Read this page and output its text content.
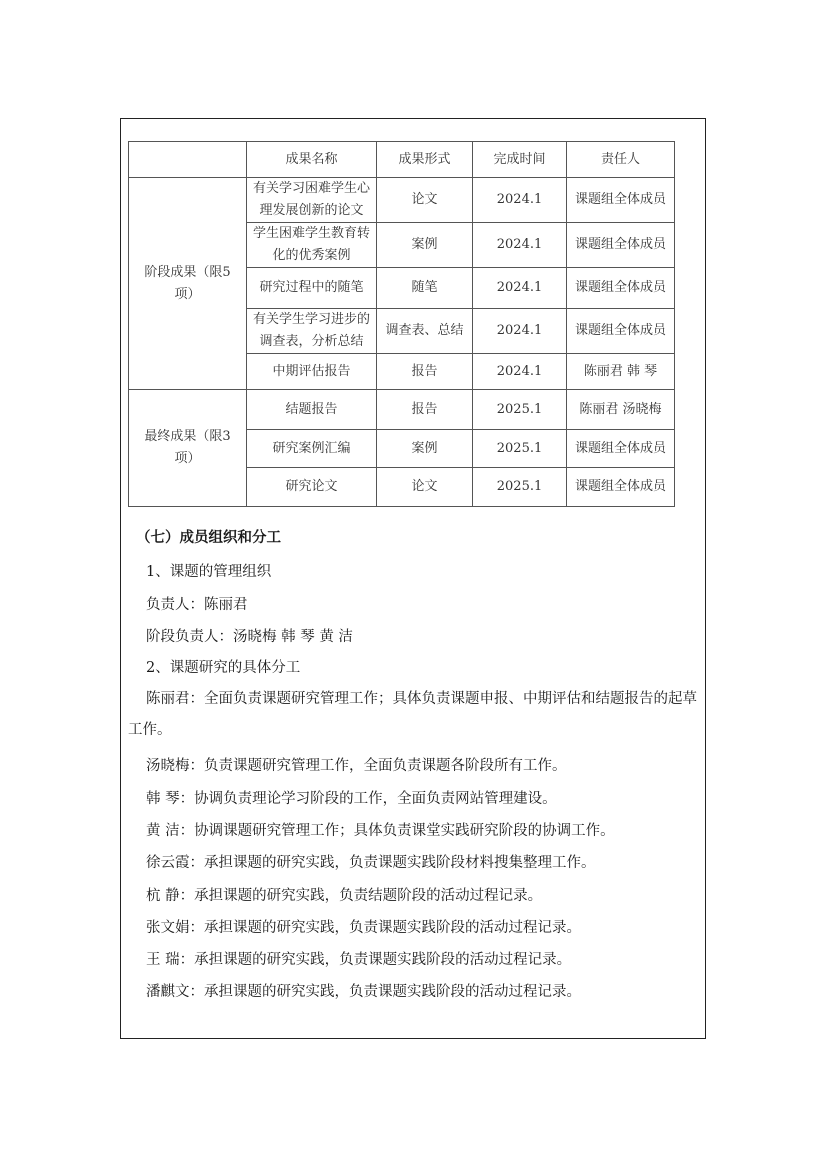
	成果名称	成果形式	完成时间	责任人
阶段成果（限5项）	有关学习困难学生心理发展创新的论文	论文	2024.1	课题组全体成员
	学生困难学生教育转化的优秀案例	案例	2024.1	课题组全体成员
	研究过程中的随笔	随笔	2024.1	课题组全体成员
	有关学生学习进步的调查表，分析总结	调查表、总结	2024.1	课题组全体成员
	中期评估报告	报告	2024.1	陈丽君 韩 琴
最终成果（限3项）	结题报告	报告	2025.1	陈丽君 汤晓梅
	研究案例汇编	案例	2025.1	课题组全体成员
	研究论文	论文	2025.1	课题组全体成员
（七）成员组织和分工
1、课题的管理组织
负责人：陈丽君
阶段负责人：汤晓梅 韩 琴 黄 洁
2、课题研究的具体分工
陈丽君：全面负责课题研究管理工作；具体负责课题申报、中期评估和结题报告的起草工作。
汤晓梅：负责课题研究管理工作，全面负责课题各阶段所有工作。
韩 琴：协调负责理论学习阶段的工作，全面负责网站管理建设。
黄 洁：协调课题研究管理工作；具体负责课堂实践研究阶段的协调工作。
徐云霞：承担课题的研究实践，负责课题实践阶段材料搜集整理工作。
杭 静：承担课题的研究实践，负责结题阶段的活动过程记录。
张文娟：承担课题的研究实践，负责课题实践阶段的活动过程记录。
王 瑞：承担课题的研究实践，负责课题实践阶段的活动过程记录。
潘麒文：承担课题的研究实践，负责课题实践阶段的活动过程记录。
